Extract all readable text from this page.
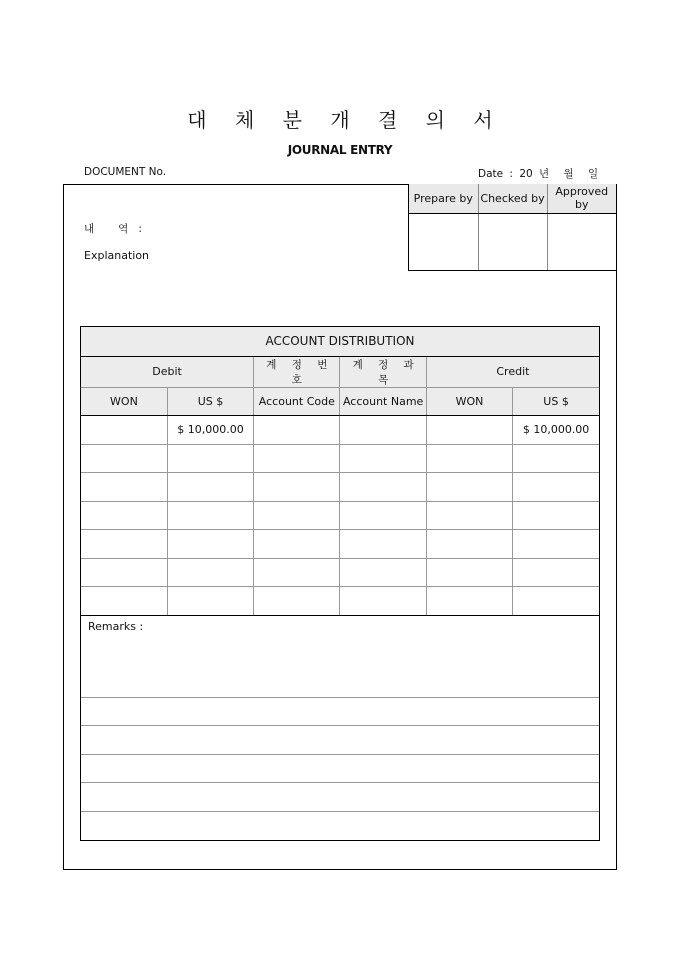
대 체 분 개 결 의 서
JOURNAL ENTRY
DOCUMENT No.	Date : 20 년 월 일
Prepare by	Checked by	Approved by

내 역 :
Explanation
ACCOUNT DISTRIBUTION					
Debit		계 정 번 호	계 정 과 목	Credit	
WON	US $	Account Code	Account Name	WON	US $
	$ 10,000.00				$ 10,000.00

Remarks :
